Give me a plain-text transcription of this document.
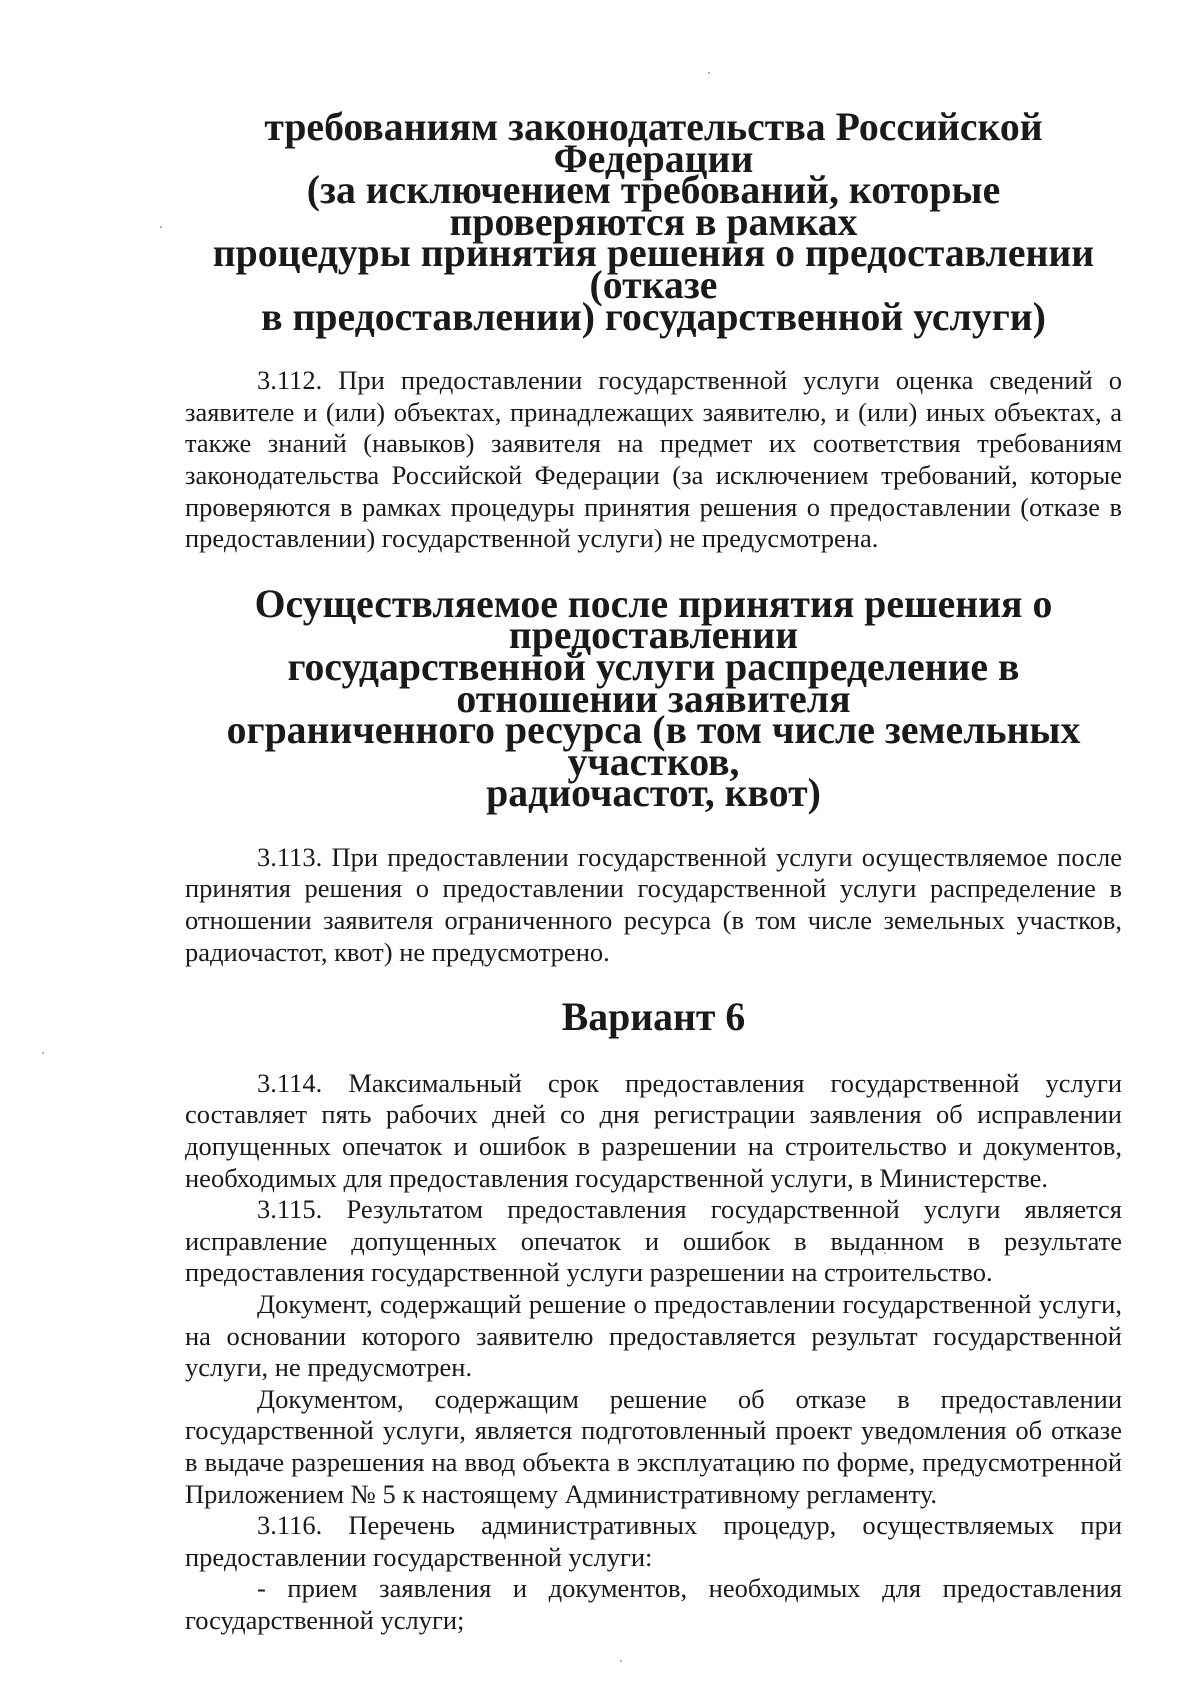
требованиям законодательства Российской Федерации
(за исключением требований, которые проверяются в рамках
процедуры принятия решения о предоставлении (отказе
в предоставлении) государственной услуги)

3.112. При предоставлении государственной услуги оценка сведений о заявителе и (или) объектах, принадлежащих заявителю, и (или) иных объектах, а также знаний (навыков) заявителя на предмет их соответствия требованиям законодательства Российской Федерации (за исключением требований, которые проверяются в рамках процедуры принятия решения о предоставлении (отказе в предоставлении) государственной услуги) не предусмотрена.

Осуществляемое после принятия решения о предоставлении
государственной услуги распределение в отношении заявителя
ограниченного ресурса (в том числе земельных участков,
радиочастот, квот)

3.113. При предоставлении государственной услуги осуществляемое после принятия решения о предоставлении государственной услуги распределение в отношении заявителя ограниченного ресурса (в том числе земельных участков, радиочастот, квот) не предусмотрено.

Вариант 6

3.114. Максимальный срок предоставления государственной услуги составляет пять рабочих дней со дня регистрации заявления об исправлении допущенных опечаток и ошибок в разрешении на строительство и документов, необходимых для предоставления государственной услуги, в Министерстве.

3.115. Результатом предоставления государственной услуги является исправление допущенных опечаток и ошибок в выданном в результате предоставления государственной услуги разрешении на строительство.

Документ, содержащий решение о предоставлении государственной услуги, на основании которого заявителю предоставляется результат государственной услуги, не предусмотрен.

Документом, содержащим решение об отказе в предоставлении государственной услуги, является подготовленный проект уведомления об отказе в выдаче разрешения на ввод объекта в эксплуатацию по форме, предусмотренной Приложением № 5 к настоящему Административному регламенту.

3.116. Перечень административных процедур, осуществляемых при предоставлении государственной услуги:

- прием заявления и документов, необходимых для предоставления государственной услуги;
